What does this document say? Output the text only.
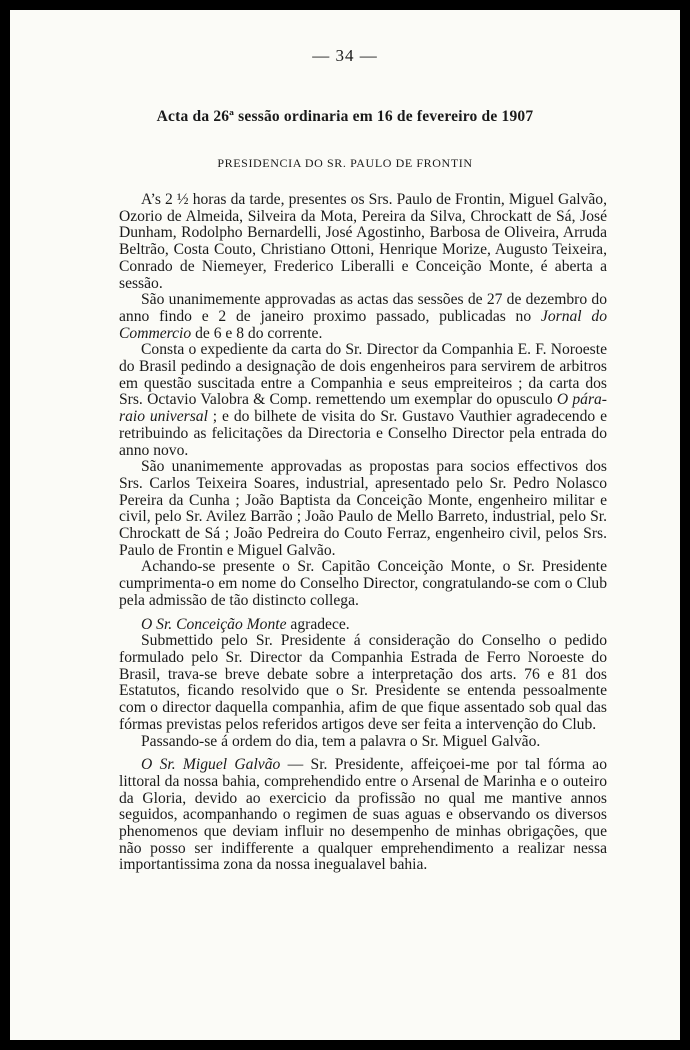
— 34 —
Acta da 26ª sessão ordinaria em 16 de fevereiro de 1907
PRESIDENCIA DO SR. PAULO DE FRONTIN

A’s 2 ½ horas da tarde, presentes os Srs. Paulo de Frontin, Miguel Galvão, Ozorio de Almeida, Silveira da Mota, Pereira da Silva, Chrockatt de Sá, José Dunham, Rodolpho Bernardelli, José Agostinho, Barbosa de Oliveira, Arruda Beltrão, Costa Couto, Christiano Ottoni, Henrique Morize, Augusto Teixeira, Conrado de Niemeyer, Frederico Liberalli e Conceição Monte, é aberta a sessão.

São unanimemente approvadas as actas das sessões de 27 de dezembro do anno findo e 2 de janeiro proximo passado, publicadas no Jornal do Commercio de 6 e 8 do corrente.

Consta o expediente da carta do Sr. Director da Companhia E. F. Noroeste do Brasil pedindo a designação de dois engenheiros para servirem de arbitros em questão suscitada entre a Companhia e seus empreiteiros ; da carta dos Srs. Octavio Valobra & Comp. remettendo um exemplar do opusculo O pára-raio universal ; e do bilhete de visita do Sr. Gustavo Vauthier agradecendo e retribuindo as felicitações da Directoria e Conselho Director pela entrada do anno novo.

São unanimemente approvadas as propostas para socios effectivos dos Srs. Carlos Teixeira Soares, industrial, apresentado pelo Sr. Pedro Nolasco Pereira da Cunha ; João Baptista da Conceição Monte, engenheiro militar e civil, pelo Sr. Avilez Barrão ; João Paulo de Mello Barreto, industrial, pelo Sr. Chrockatt de Sá ; João Pedreira do Couto Ferraz, engenheiro civil, pelos Srs. Paulo de Frontin e Miguel Galvão.

Achando-se presente o Sr. Capitão Conceição Monte, o Sr. Presidente cumprimenta-o em nome do Conselho Director, congratulando-se com o Club pela admissão de tão distincto collega.

O Sr. Conceição Monte agradece.

Submettido pelo Sr. Presidente á consideração do Conselho o pedido formulado pelo Sr. Director da Companhia Estrada de Ferro Noroeste do Brasil, trava-se breve debate sobre a interpretação dos arts. 76 e 81 dos Estatutos, ficando resolvido que o Sr. Presidente se entenda pessoalmente com o director daquella companhia, afim de que fique assentado sob qual das fórmas previstas pelos referidos artigos deve ser feita a intervenção do Club.

Passando-se á ordem do dia, tem a palavra o Sr. Miguel Galvão.

O Sr. Miguel Galvão — Sr. Presidente, affeiçoei-me por tal fórma ao littoral da nossa bahia, comprehendido entre o Arsenal de Marinha e o outeiro da Gloria, devido ao exercicio da profissão no qual me mantive annos seguidos, acompanhando o regimen de suas aguas e observando os diversos phenomenos que deviam influir no desempenho de minhas obrigações, que não posso ser indifferente a qualquer emprehendimento a realizar nessa importantissima zona da nossa inegualavel bahia.
